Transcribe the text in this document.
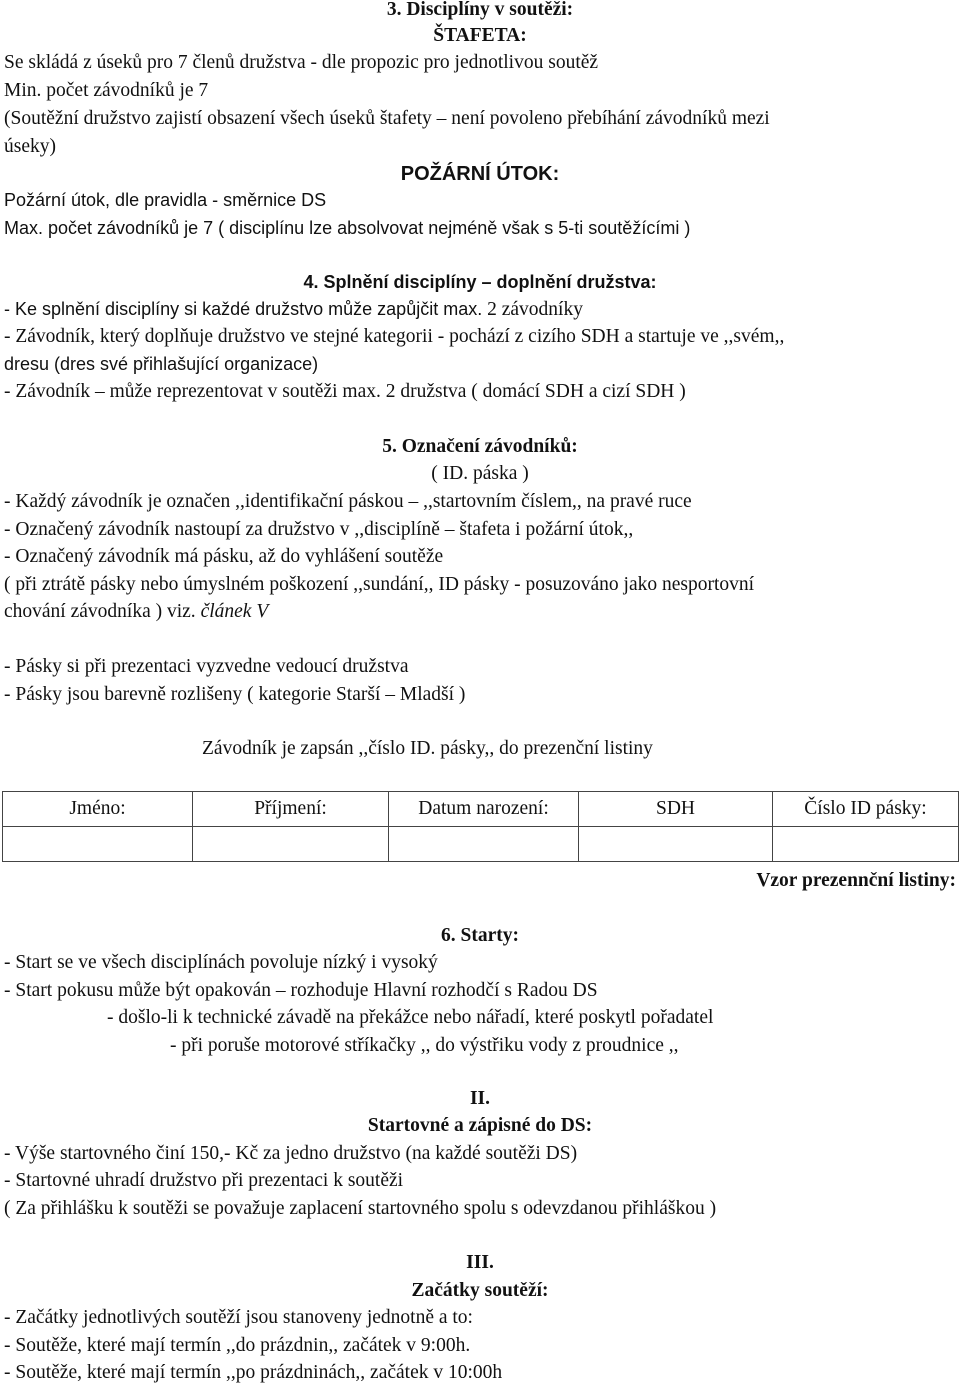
3. Disciplíny v soutěži:
ŠTAFETA:
Se skládá z úseků pro 7 členů družstva - dle propozic pro jednotlivou soutěž
Min. počet závodníků je 7
(Soutěžní družstvo zajistí obsazení všech úseků štafety – není povoleno přebíhání závodníků mezi
úseky)
POŽÁRNÍ ÚTOK:
Požární útok, dle pravidla - směrnice DS
Max. počet závodníků je 7 ( disciplínu lze absolvovat nejméně však s 5-ti soutěžícími )
4. Splnění disciplíny – doplnění družstva:
- Ke splnění disciplíny si každé družstvo může zapůjčit max. 2 závodníky
- Závodník, který doplňuje družstvo ve stejné kategorii - pochází z cizího SDH a startuje ve ,,svém,,
dresu (dres své přihlašující organizace)
- Závodník – může reprezentovat v soutěži max. 2 družstva ( domácí SDH a cizí SDH )
5. Označení závodníků:
( ID. páska )
- Každý závodník je označen ,,identifikační páskou – ,,startovním číslem,, na pravé ruce
- Označený závodník nastoupí za družstvo v ,,disciplíně – štafeta i požární útok,,
- Označený závodník má pásku, až do vyhlášení soutěže
( při ztrátě pásky nebo úmyslném poškození ,,sundání,, ID pásky - posuzováno jako nesportovní
chování závodníka ) viz. článek V
- Pásky si při prezentaci vyzvedne vedoucí družstva
- Pásky jsou barevně rozlišeny ( kategorie Starší – Mladší )
Závodník je zapsán ,,číslo ID. pásky,, do prezenční listiny
Jméno:	Příjmení:	Datum narození:	SDH	Číslo ID pásky:

Vzor prezennční listiny:
6. Starty:
- Start se ve všech disciplínách povoluje nízký i vysoký
- Start pokusu může být opakován – rozhoduje Hlavní rozhodčí s Radou DS
- došlo-li k technické závadě na překážce nebo nářadí, které poskytl pořadatel
- při poruše motorové stříkačky ,, do výstřiku vody z proudnice ,,
II.
Startovné a zápisné do DS:
- Výše startovného činí 150,- Kč za jedno družstvo (na každé soutěži DS)
- Startovné uhradí družstvo při prezentaci k soutěži
( Za přihlášku k soutěži se považuje zaplacení startovného spolu s odevzdanou přihláškou )
III.
Začátky soutěží:
- Začátky jednotlivých soutěží jsou stanoveny jednotně a to:
- Soutěže, které mají termín ,,do prázdnin,, začátek v 9:00h.
- Soutěže, které mají termín ,,po prázdninách,, začátek v 10:00h
